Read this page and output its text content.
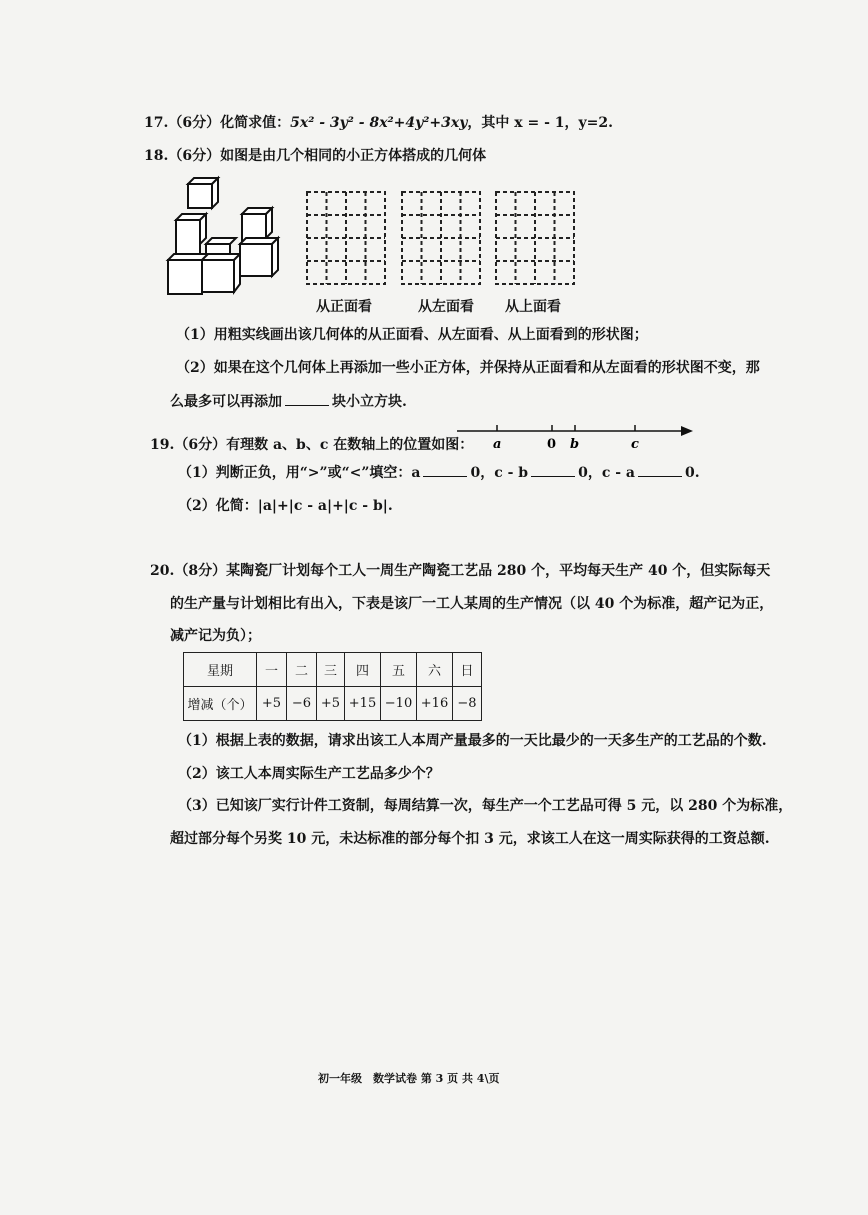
17.（6分）化简求值：5x² - 3y² - 8x²+4y²+3xy，其中 x = - 1，y=2.
18.（6分）如图是由几个相同的小正方体搭成的几何体
从正面看	从左面看 从上面看
（1）用粗实线画出该几何体的从正面看、从左面看、从上面看到的形状图；
（2）如果在这个几何体上再添加一些小正方体，并保持从正面看和从左面看的形状图不变，那
么最多可以再添加	块小立方块.
19.（6分）有理数 a、b、c 在数轴上的位置如图： a	0 b	c
（1）判断正负，用“>”或“<”填空：a	0，c - b	0，c - a	0.
（2）化简：|a|+|c - a|+|c - b|.
20.（8分）某陶瓷厂计划每个工人一周生产陶瓷工艺品 280 个，平均每天生产 40 个，但实际每天
的生产量与计划相比有出入，下表是该厂一工人某周的生产情况（以 40 个为标准，超产记为正，
减产记为负）；
星期	一	二	三	四	五	六	日
增减（个）	+5	−6	+5	+15	−10	+16	−8
（1）根据上表的数据，请求出该工人本周产量最多的一天比最少的一天多生产的工艺品的个数.
（2）该工人本周实际生产工艺品多少个？
（3）已知该厂实行计件工资制，每周结算一次，每生产一个工艺品可得 5 元，以 280 个为标准，
超过部分每个另奖 10 元，未达标准的部分每个扣 3 元，求该工人在这一周实际获得的工资总额.
初一年级　数学试卷 第 3 页 共 4\页
